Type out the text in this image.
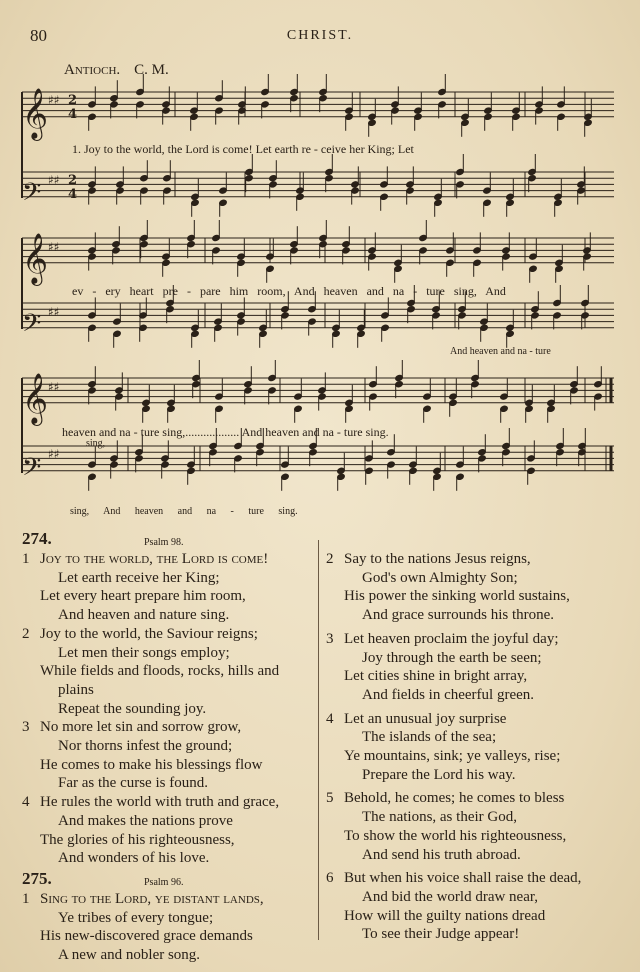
80	CHRIST.
Antioch. C. M.
𝄞
𝄢
𝄞
𝄢
𝄞
𝄢
♯♯
♯♯
♯♯
♯♯
♯♯
♯♯
2
4
2
4
1. Joy to the world, the Lord is come! Let earth re - ceive her King; Let
ev - ery heart pre - pare him room, And heaven and na - ture sing, And
And heaven and na - ture
heaven and na - ture sing,.................. And heaven and na - ture sing.
sing,
sing, And heaven and na - ture sing.
274.	Psalm 98.
1 Joy to the world, the Lord is come!
Let earth receive her King;
Let every heart prepare him room,
And heaven and nature sing.
2 Joy to the world, the Saviour reigns;
Let men their songs employ;
While fields and floods, rocks, hills and
plains
Repeat the sounding joy.
3 No more let sin and sorrow grow,
Nor thorns infest the ground;
He comes to make his blessings flow
Far as the curse is found.
4 He rules the world with truth and grace,
And makes the nations prove
The glories of his righteousness,
And wonders of his love.
275.	Psalm 96.
1 Sing to the Lord, ye distant lands,
Ye tribes of every tongue;
His new-discovered grace demands
A new and nobler song.
2 Say to the nations Jesus reigns,
God's own Almighty Son;
His power the sinking world sustains,
And grace surrounds his throne.
3 Let heaven proclaim the joyful day;
Joy through the earth be seen;
Let cities shine in bright array,
And fields in cheerful green.
4 Let an unusual joy surprise
The islands of the sea;
Ye mountains, sink; ye valleys, rise;
Prepare the Lord his way.
5 Behold, he comes; he comes to bless
The nations, as their God,
To show the world his righteousness,
And send his truth abroad.
6 But when his voice shall raise the dead,
And bid the world draw near,
How will the guilty nations dread
To see their Judge appear!
